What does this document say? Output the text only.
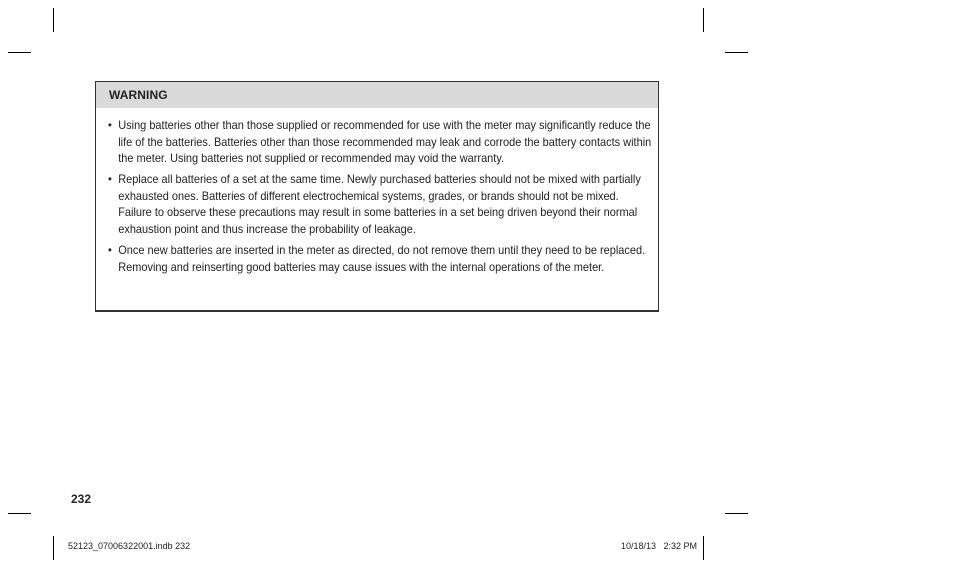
WARNING
• Using batteries other than those supplied or recommended for use with the meter may significantly reduce the life of the batteries. Batteries other than those recommended may leak and corrode the battery contacts within the meter. Using batteries not supplied or recommended may void the warranty.
• Replace all batteries of a set at the same time. Newly purchased batteries should not be mixed with partially exhausted ones. Batteries of different electrochemical systems, grades, or brands should not be mixed. Failure to observe these precautions may result in some batteries in a set being driven beyond their normal exhaustion point and thus increase the probability of leakage.
• Once new batteries are inserted in the meter as directed, do not remove them until they need to be replaced. Removing and reinserting good batteries may cause issues with the internal operations of the meter.
232
52123_07006322001.indb 232	10/18/13   2:32 PM
